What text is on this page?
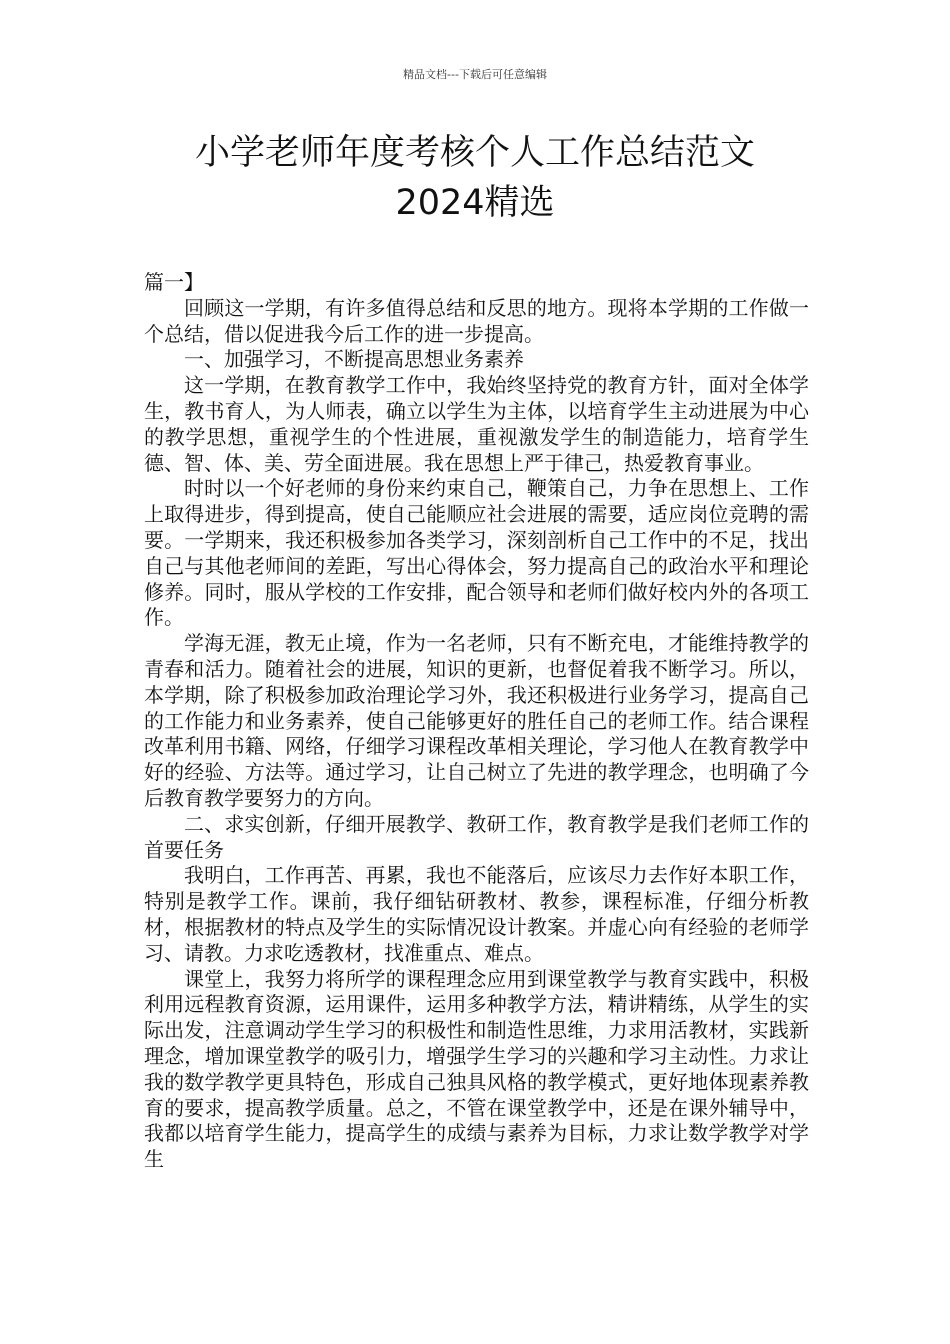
精品文档---下载后可任意编辑
小学老师年度考核个人工作总结范文
2024精选

篇一】

回顾这一学期，有许多值得总结和反思的地方。现将本学期的工作做一个总结，借以促进我今后工作的进一步提高。

一、加强学习，不断提高思想业务素养

这一学期，在教育教学工作中，我始终坚持党的教育方针，面对全体学生，教书育人，为人师表，确立以学生为主体，以培育学生主动进展为中心的教学思想，重视学生的个性进展，重视激发学生的制造能力，培育学生德、智、体、美、劳全面进展。我在思想上严于律己，热爱教育事业。

时时以一个好老师的身份来约束自己，鞭策自己，力争在思想上、工作上取得进步，得到提高，使自己能顺应社会进展的需要，适应岗位竞聘的需要。一学期来，我还积极参加各类学习，深刻剖析自己工作中的不足，找出自己与其他老师间的差距，写出心得体会，努力提高自己的政治水平和理论修养。同时，服从学校的工作安排，配合领导和老师们做好校内外的各项工作。

学海无涯，教无止境，作为一名老师，只有不断充电，才能维持教学的青春和活力。随着社会的进展，知识的更新，也督促着我不断学习。所以，本学期，除了积极参加政治理论学习外，我还积极进行业务学习，提高自己的工作能力和业务素养，使自己能够更好的胜任自己的老师工作。结合课程改革利用书籍、网络，仔细学习课程改革相关理论，学习他人在教育教学中好的经验、方法等。通过学习，让自己树立了先进的教学理念，也明确了今后教育教学要努力的方向。

二、求实创新，仔细开展教学、教研工作，教育教学是我们老师工作的首要任务

我明白，工作再苦、再累，我也不能落后，应该尽力去作好本职工作，特别是教学工作。课前，我仔细钻研教材、教参，课程标准，仔细分析教材，根据教材的特点及学生的实际情况设计教案。并虚心向有经验的老师学习、请教。力求吃透教材，找准重点、难点。

课堂上，我努力将所学的课程理念应用到课堂教学与教育实践中，积极利用远程教育资源，运用课件，运用多种教学方法，精讲精练，从学生的实际出发，注意调动学生学习的积极性和制造性思维，力求用活教材，实践新理念，增加课堂教学的吸引力，增强学生学习的兴趣和学习主动性。力求让我的数学教学更具特色，形成自己独具风格的教学模式，更好地体现素养教育的要求，提高教学质量。总之，不管在课堂教学中，还是在课外辅导中，我都以培育学生能力，提高学生的成绩与素养为目标，力求让数学教学对学生
